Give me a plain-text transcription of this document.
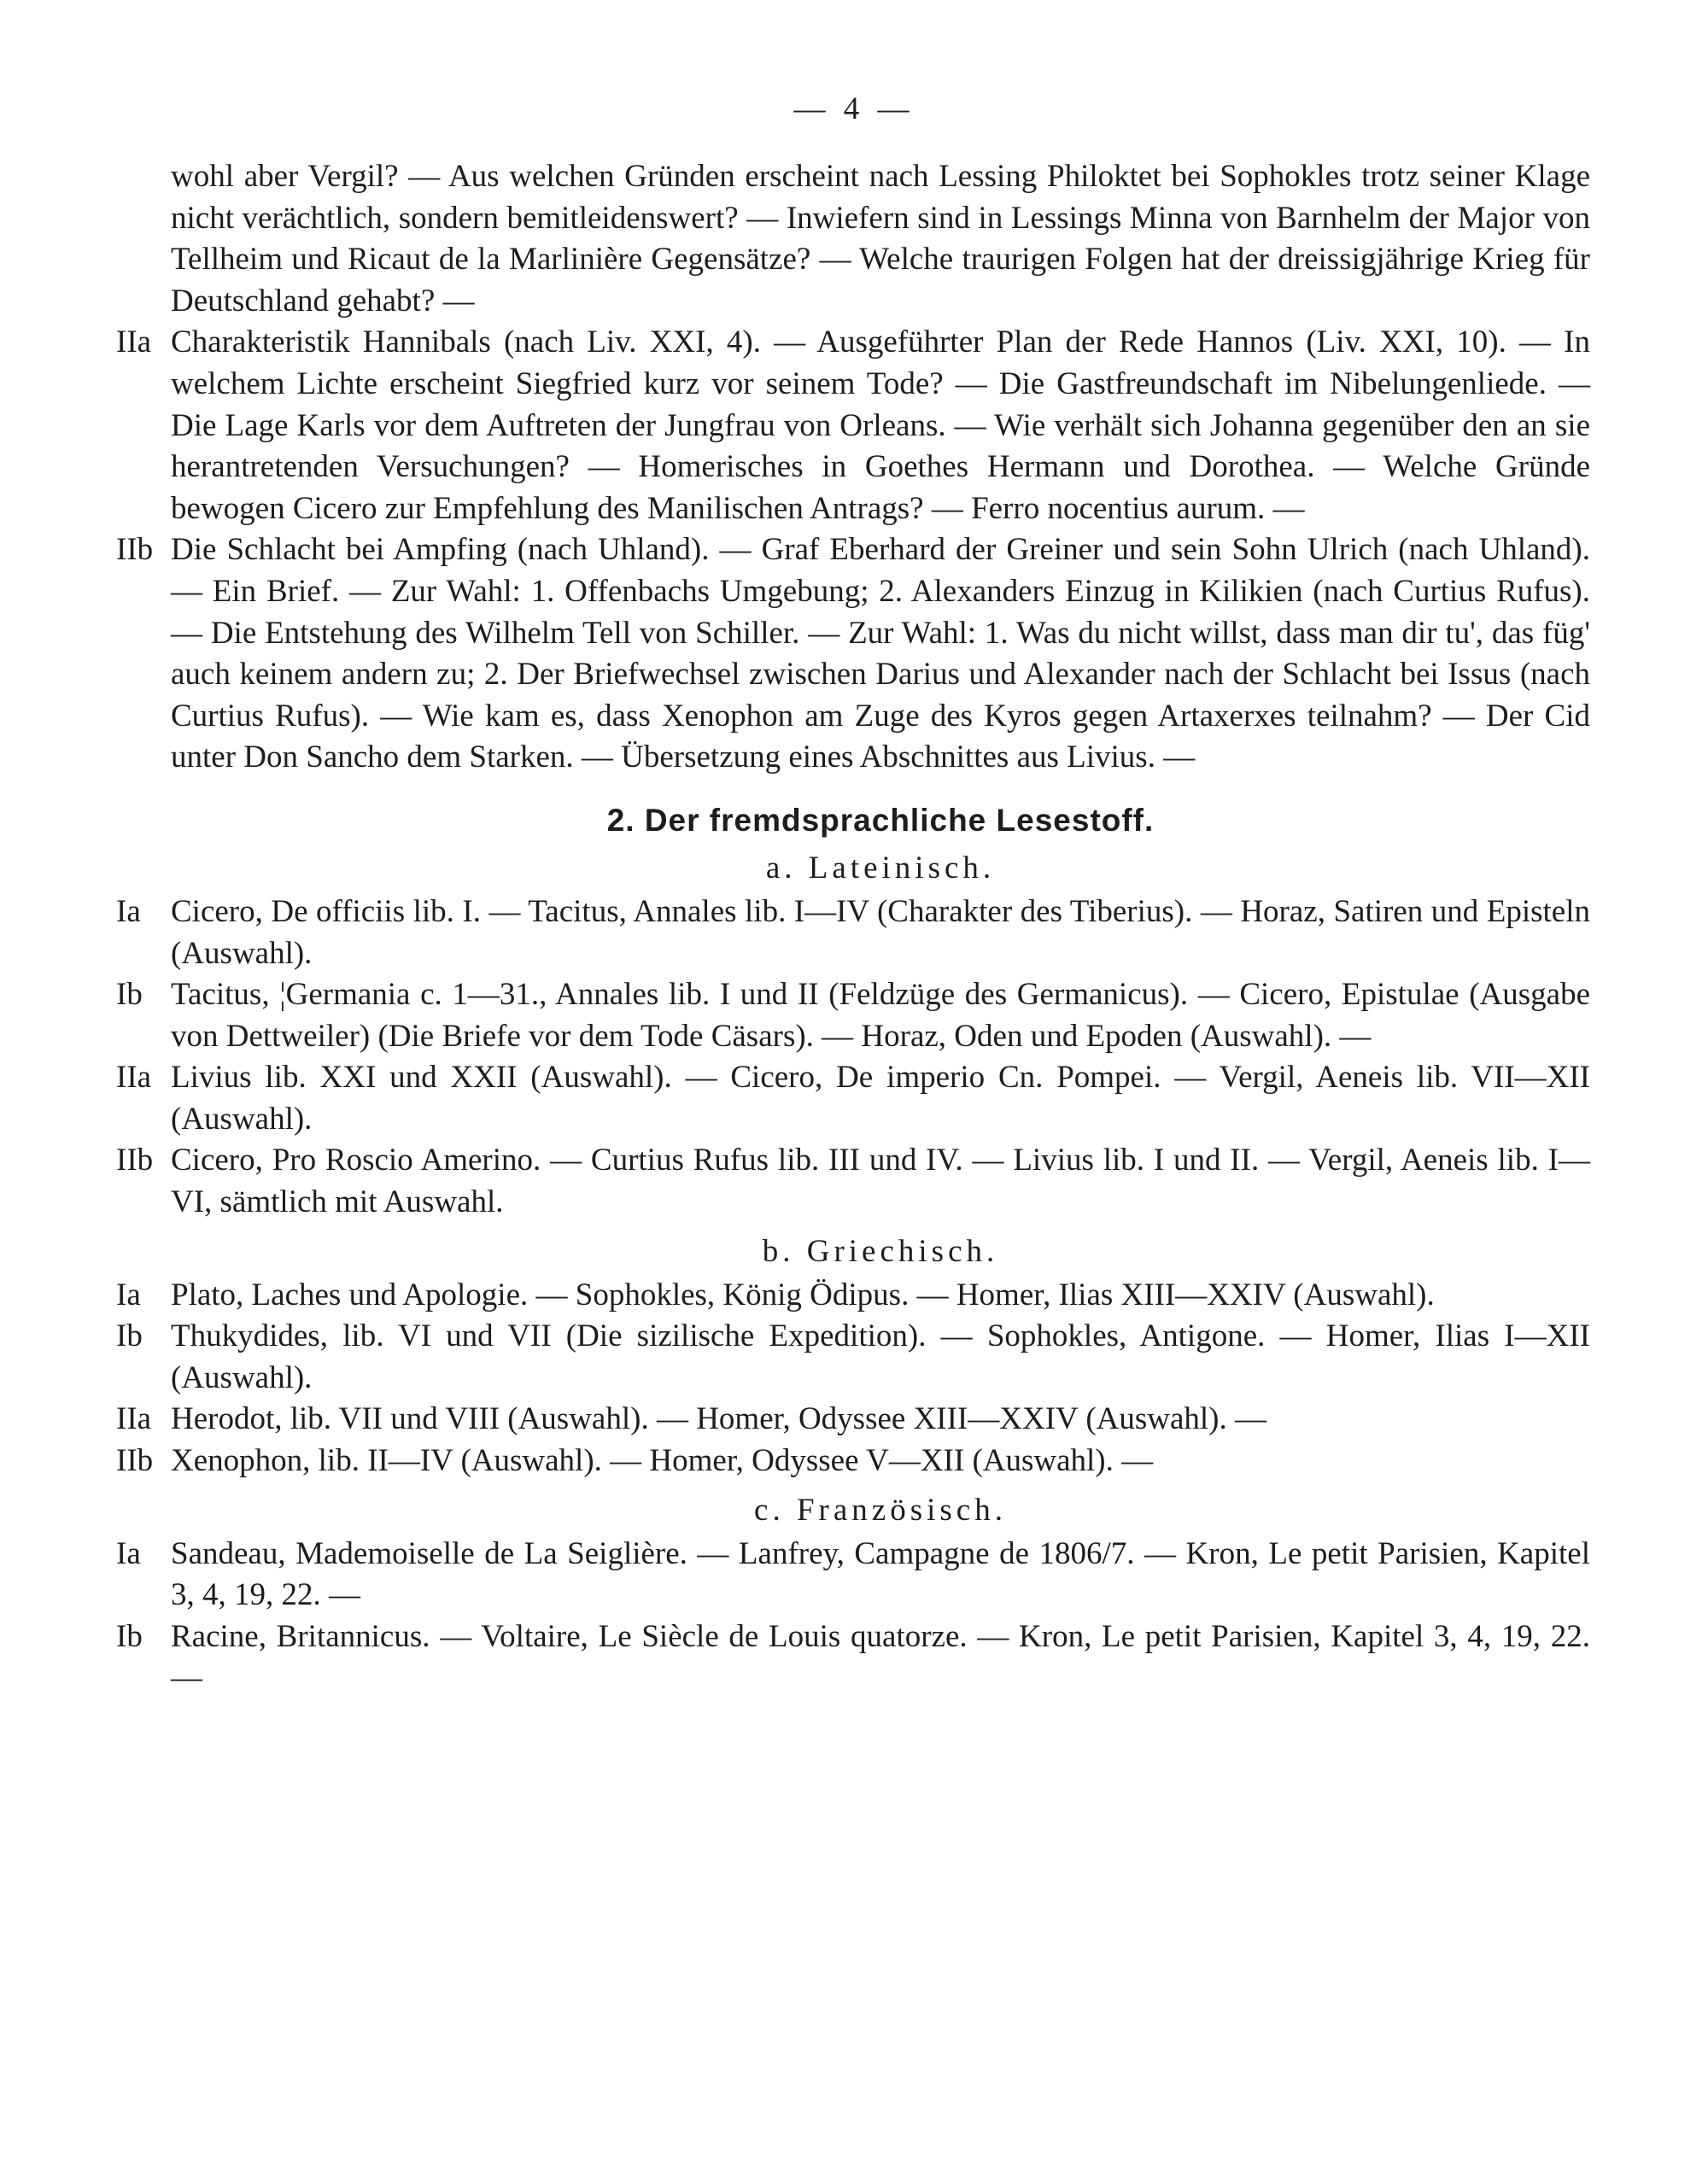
— 4 —

wohl aber Vergil? — Aus welchen Gründen erscheint nach Lessing Philoktet bei Sophokles trotz seiner Klage nicht verächtlich, sondern bemitleidenswert? — Inwiefern sind in Lessings Minna von Barnhelm der Major von Tellheim und Ricaut de la Marlinière Gegensätze? — Welche traurigen Folgen hat der dreissigjährige Krieg für Deutschland gehabt? —

IIa Charakteristik Hannibals (nach Liv. XXI, 4). — Ausgeführter Plan der Rede Hannos (Liv. XXI, 10). — In welchem Lichte erscheint Siegfried kurz vor seinem Tode? — Die Gastfreundschaft im Nibelungenliede. — Die Lage Karls vor dem Auftreten der Jungfrau von Orleans. — Wie verhält sich Johanna gegenüber den an sie herantretenden Versuchungen? — Homerisches in Goethes Hermann und Dorothea. — Welche Gründe bewogen Cicero zur Empfehlung des Manilischen Antrags? — Ferro nocentius aurum. —
IIb Die Schlacht bei Ampfing (nach Uhland). — Graf Eberhard der Greiner und sein Sohn Ulrich (nach Uhland). — Ein Brief. — Zur Wahl: 1. Offenbachs Umgebung; 2. Alexanders Einzug in Kilikien (nach Curtius Rufus). — Die Entstehung des Wilhelm Tell von Schiller. — Zur Wahl: 1. Was du nicht willst, dass man dir tu', das füg' auch keinem andern zu; 2. Der Briefwechsel zwischen Darius und Alexander nach der Schlacht bei Issus (nach Curtius Rufus). — Wie kam es, dass Xenophon am Zuge des Kyros gegen Artaxerxes teilnahm? — Der Cid unter Don Sancho dem Starken. — Übersetzung eines Abschnittes aus Livius. —
2. Der fremdsprachliche Lesestoff.
a. Lateinisch.
Ia Cicero, De officiis lib. I. — Tacitus, Annales lib. I—IV (Charakter des Tiberius). — Horaz, Satiren und Episteln (Auswahl).
Ib Tacitus, ¦Germania c. 1—31., Annales lib. I und II (Feldzüge des Germanicus). — Cicero, Epistulae (Ausgabe von Dettweiler) (Die Briefe vor dem Tode Cäsars). — Horaz, Oden und Epoden (Auswahl). —
IIa Livius lib. XXI und XXII (Auswahl). — Cicero, De imperio Cn. Pompei. — Vergil, Aeneis lib. VII—XII (Auswahl).
IIb Cicero, Pro Roscio Amerino. — Curtius Rufus lib. III und IV. — Livius lib. I und II. — Vergil, Aeneis lib. I—VI, sämtlich mit Auswahl.
b. Griechisch.
Ia Plato, Laches und Apologie. — Sophokles, König Ödipus. — Homer, Ilias XIII—XXIV (Auswahl).
Ib Thukydides, lib. VI und VII (Die sizilische Expedition). — Sophokles, Antigone. — Homer, Ilias I—XII (Auswahl).
IIa Herodot, lib. VII und VIII (Auswahl). — Homer, Odyssee XIII—XXIV (Auswahl). —
IIb Xenophon, lib. II—IV (Auswahl). — Homer, Odyssee V—XII (Auswahl). —
c. Französisch.
Ia Sandeau, Mademoiselle de La Seiglière. — Lanfrey, Campagne de 1806/7. — Kron, Le petit Parisien, Kapitel 3, 4, 19, 22. —
Ib Racine, Britannicus. — Voltaire, Le Siècle de Louis quatorze. — Kron, Le petit Parisien, Kapitel 3, 4, 19, 22. —
